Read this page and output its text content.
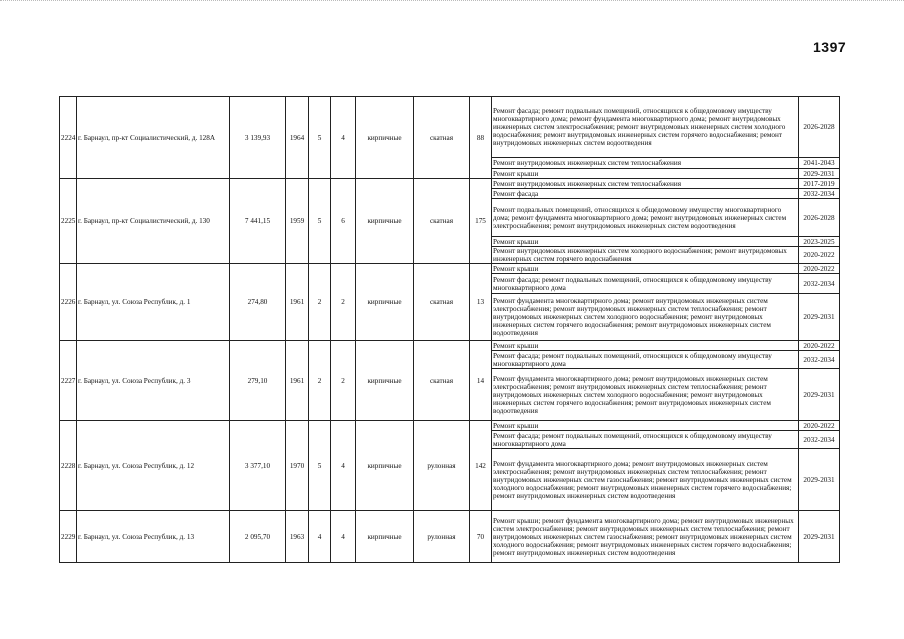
1397
2224	г. Барнаул, пр-кт Социалистический, д. 128А	3 139,93	1964	5	4	кирпичные	скатная	88	Ремонт фасада; ремонт подвальных помещений, относящихся к общедомовому имуществу многоквартирного дома; ремонт фундамента многоквартирного дома; ремонт внутридомовых инженерных систем электроснабжения; ремонт внутридомовых инженерных систем холодного водоснабжения; ремонт внутридомовых инженерных систем горячего водоснабжения; ремонт внутридомовых инженерных систем водоотведения	2026-2028
									Ремонт внутридомовых инженерных систем теплоснабжения	2041-2043
									Ремонт крыши	2029-2031
2225	г. Барнаул, пр-кт Социалистический, д. 130	7 441,15	1959	5	6	кирпичные	скатная	175	Ремонт внутридомовых инженерных систем теплоснабжения	2017-2019
									Ремонт фасада	2032-2034
									Ремонт подвальных помещений, относящихся к общедомовому имуществу многоквартирного дома; ремонт фундамента многоквартирного дома; ремонт внутридомовых инженерных систем электроснабжения; ремонт внутридомовых инженерных систем водоотведения	2026-2028
									Ремонт крыши	2023-2025
									Ремонт внутридомовых инженерных систем холодного водоснабжения; ремонт внутридомовых инженерных систем горячего водоснабжения	2020-2022
2226	г. Барнаул, ул. Союза Республик, д. 1	274,80	1961	2	2	кирпичные	скатная	13	Ремонт крыши	2020-2022
									Ремонт фасада; ремонт подвальных помещений, относящихся к общедомовому имуществу многоквартирного дома	2032-2034
									Ремонт фундамента многоквартирного дома; ремонт внутридомовых инженерных систем электроснабжения; ремонт внутридомовых инженерных систем теплоснабжения; ремонт внутридомовых инженерных систем холодного водоснабжения; ремонт внутридомовых инженерных систем горячего водоснабжения; ремонт внутридомовых инженерных систем водоотведения	2029-2031
2227	г. Барнаул, ул. Союза Республик, д. 3	279,10	1961	2	2	кирпичные	скатная	14	Ремонт крыши	2020-2022
									Ремонт фасада; ремонт подвальных помещений, относящихся к общедомовому имуществу многоквартирного дома	2032-2034
									Ремонт фундамента многоквартирного дома; ремонт внутридомовых инженерных систем электроснабжения; ремонт внутридомовых инженерных систем теплоснабжения; ремонт внутридомовых инженерных систем холодного водоснабжения; ремонт внутридомовых инженерных систем горячего водоснабжения; ремонт внутридомовых инженерных систем водоотведения	2029-2031
2228	г. Барнаул, ул. Союза Республик, д. 12	3 377,10	1970	5	4	кирпичные	рулонная	142	Ремонт крыши	2020-2022
									Ремонт фасада; ремонт подвальных помещений, относящихся к общедомовому имуществу многоквартирного дома	2032-2034
									Ремонт фундамента многоквартирного дома; ремонт внутридомовых инженерных систем электроснабжения; ремонт внутридомовых инженерных систем теплоснабжения; ремонт внутридомовых инженерных систем газоснабжения; ремонт внутридомовых инженерных систем холодного водоснабжения; ремонт внутридомовых инженерных систем горячего водоснабжения; ремонт внутридомовых инженерных систем водоотведения	2029-2031
2229	г. Барнаул, ул. Союза Республик, д. 13	2 095,70	1963	4	4	кирпичные	рулонная	70	Ремонт крыши; ремонт фундамента многоквартирного дома; ремонт внутридомовых инженерных систем электроснабжения; ремонт внутридомовых инженерных систем теплоснабжения; ремонт внутридомовых инженерных систем газоснабжения; ремонт внутридомовых инженерных систем холодного водоснабжения; ремонт внутридомовых инженерных систем горячего водоснабжения; ремонт внутридомовых инженерных систем водоотведения	2029-2031
